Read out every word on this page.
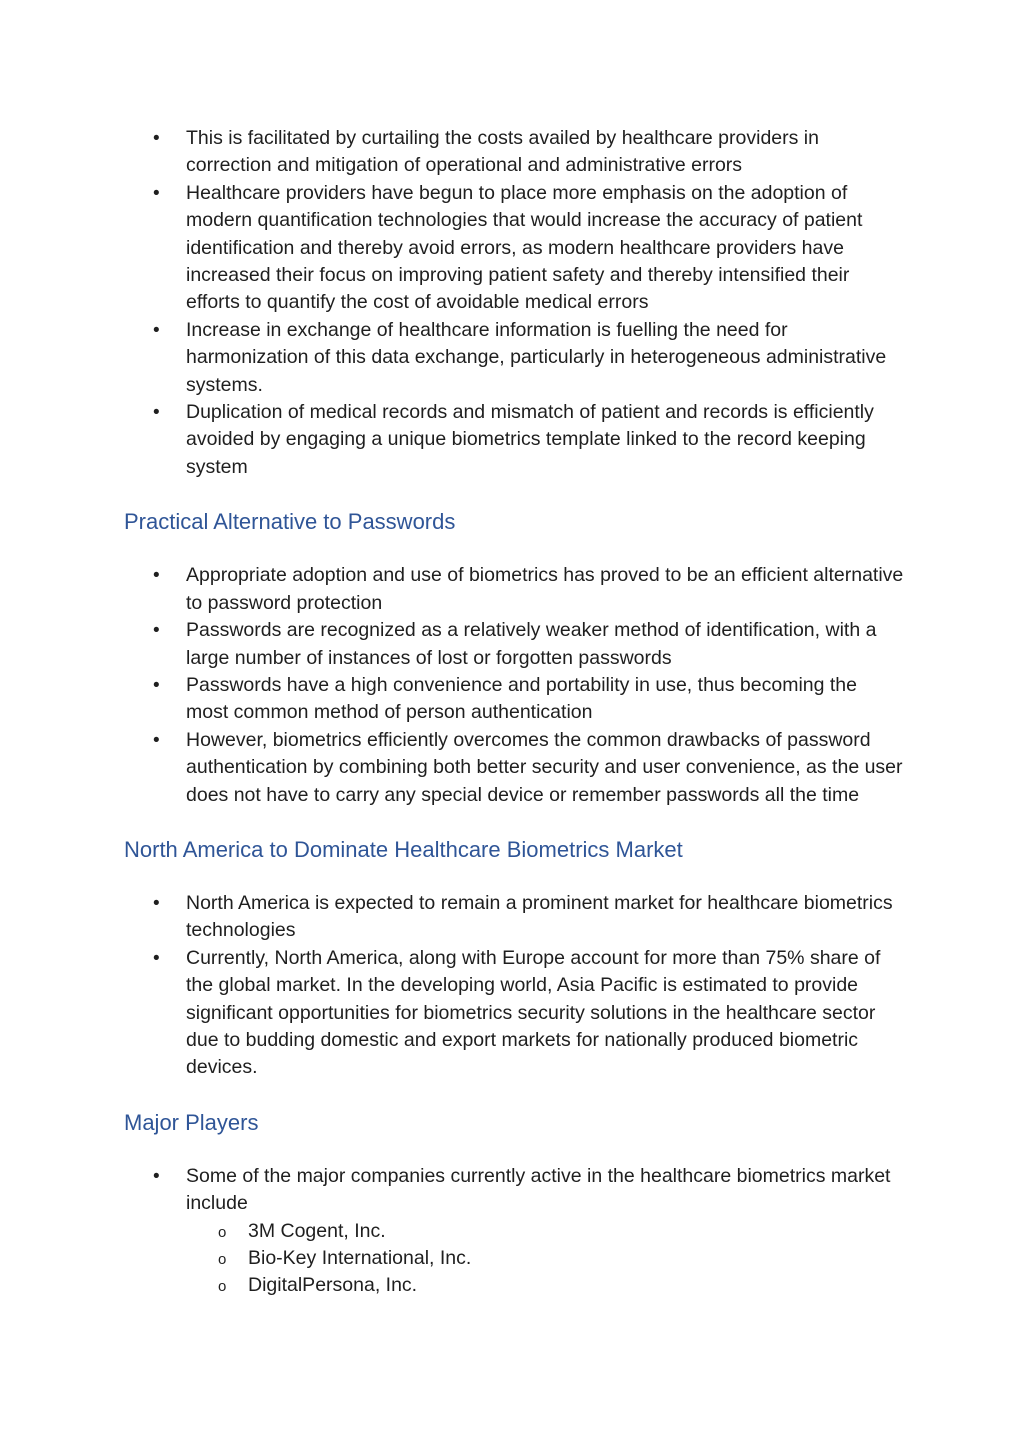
• This is facilitated by curtailing the costs availed by healthcare providers in correction and mitigation of operational and administrative errors
• Healthcare providers have begun to place more emphasis on the adoption of modern quantification technologies that would increase the accuracy of patient identification and thereby avoid errors, as modern healthcare providers have increased their focus on improving patient safety and thereby intensified their efforts to quantify the cost of avoidable medical errors
• Increase in exchange of healthcare information is fuelling the need for harmonization of this data exchange, particularly in heterogeneous administrative systems.
• Duplication of medical records and mismatch of patient and records is efficiently avoided by engaging a unique biometrics template linked to the record keeping system
Practical Alternative to Passwords
• Appropriate adoption and use of biometrics has proved to be an efficient alternative to password protection
• Passwords are recognized as a relatively weaker method of identification, with a large number of instances of lost or forgotten passwords
• Passwords have a high convenience and portability in use, thus becoming the most common method of person authentication
• However, biometrics efficiently overcomes the common drawbacks of password authentication by combining both better security and user convenience, as the user does not have to carry any special device or remember passwords all the time
North America to Dominate Healthcare Biometrics Market
• North America is expected to remain a prominent market for healthcare biometrics technologies
• Currently, North America, along with Europe account for more than 75% share of the global market. In the developing world, Asia Pacific is estimated to provide significant opportunities for biometrics security solutions in the healthcare sector due to budding domestic and export markets for nationally produced biometric devices.
Major Players
• Some of the major companies currently active in the healthcare biometrics market include
o 3M Cogent, Inc.
o Bio-Key International, Inc.
o DigitalPersona, Inc.
